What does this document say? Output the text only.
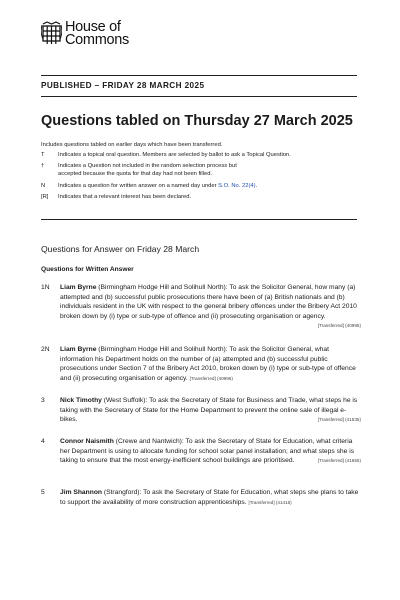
House of
Commons
PUBLISHED – FRIDAY 28 MARCH 2025
Questions tabled on Thursday 27 March 2025
Includes questions tabled on earlier days which have been transferred.
T	Indicates a topical oral question. Members are selected by ballot to ask a Topical Question.
†	Indicates a Question not included in the random selection process but accepted because the quota for that day had not been filled.
N	Indicates a question for written answer on a named day under S.O. No. 22(4).
[R]	Indicates that a relevant interest has been declared.
Questions for Answer on Friday 28 March
Questions for Written Answer
1N	Liam Byrne (Birmingham Hodge Hill and Solihull North): To ask the Solicitor General, how many (a) attempted and (b) successful public prosecutions there have been of (a) British nationals and (b) individuals resident in the UK with respect to the general bribery offences under the Bribery Act 2010 broken down by (i) type or sub-type of offence and (ii) prosecuting organisation or agency.
[Transferred] (40995)
2N	Liam Byrne (Birmingham Hodge Hill and Solihull North): To ask the Solicitor General, what information his Department holds on the number of (a) attempted and (b) successful public prosecutions under Section 7 of the Bribery Act 2010, broken down by (i) type or sub-type of offence and (ii) prosecuting organisation or agency. [Transferred] (40996)
3	Nick Timothy (West Suffolk): To ask the Secretary of State for Business and Trade, what steps he is taking with the Secretary of State for the Home Department to prevent the online sale of illegal e-bikes.	[Transferred] (41535)
4	Connor Naismith (Crewe and Nantwich): To ask the Secretary of State for Education, what criteria her Department is using to allocate funding for school solar panel installation; and what steps she is taking to ensure that the most energy-inefficient school buildings are prioritised.	[Transferred] (41655)
5	Jim Shannon (Strangford): To ask the Secretary of State for Education, what steps she plans to take to support the availability of more construction apprenticeships. [Transferred] (41416)
